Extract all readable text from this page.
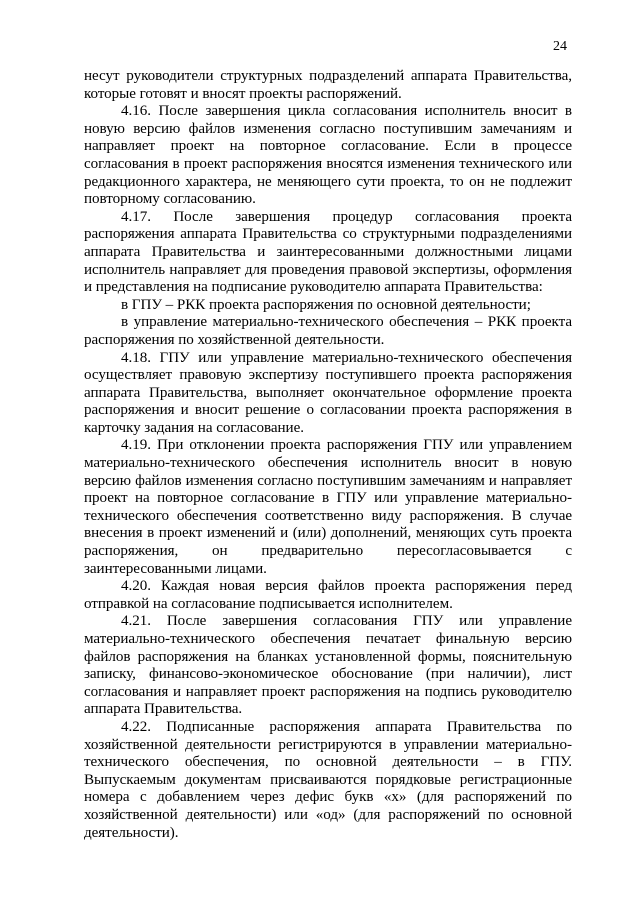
24

несут руководители структурных подразделений аппарата Правительства, которые готовят и вносят проекты распоряжений.

4.16. После завершения цикла согласования исполнитель вносит в новую версию файлов изменения согласно поступившим замечаниям и направляет проект на повторное согласование. Если в процессе согласования в проект распоряжения вносятся изменения технического или редакционного характера, не меняющего сути проекта, то он не подлежит повторному согласованию.

4.17. После завершения процедур согласования проекта распоряжения аппарата Правительства со структурными подразделениями аппарата Правительства и заинтересованными должностными лицами исполнитель направляет для проведения правовой экспертизы, оформления и представления на подписание руководителю аппарата Правительства:

в ГПУ – РКК проекта распоряжения по основной деятельности;

в управление материально-технического обеспечения – РКК проекта распоряжения по хозяйственной деятельности.

4.18. ГПУ или управление материально-технического обеспечения осуществляет правовую экспертизу поступившего проекта распоряжения аппарата Правительства, выполняет окончательное оформление проекта распоряжения и вносит решение о согласовании проекта распоряжения в карточку задания на согласование.

4.19. При отклонении проекта распоряжения ГПУ или управлением материально-технического обеспечения исполнитель вносит в новую версию файлов изменения согласно поступившим замечаниям и направляет проект на повторное согласование в ГПУ или управление материально-технического обеспечения соответственно виду распоряжения. В случае внесения в проект изменений и (или) дополнений, меняющих суть проекта распоряжения, он предварительно пересогласовывается с заинтересованными лицами.

4.20. Каждая новая версия файлов проекта распоряжения перед отправкой на согласование подписывается исполнителем.

4.21. После завершения согласования ГПУ или управление материально-технического обеспечения печатает финальную версию файлов распоряжения на бланках установленной формы, пояснительную записку, финансово-экономическое обоснование (при наличии), лист согласования и направляет проект распоряжения на подпись руководителю аппарата Правительства.

4.22. Подписанные распоряжения аппарата Правительства по хозяйственной деятельности регистрируются в управлении материально-технического обеспечения, по основной деятельности – в ГПУ. Выпускаемым документам присваиваются порядковые регистрационные номера с добавлением через дефис букв «х» (для распоряжений по хозяйственной деятельности) или «од» (для распоряжений по основной деятельности).
